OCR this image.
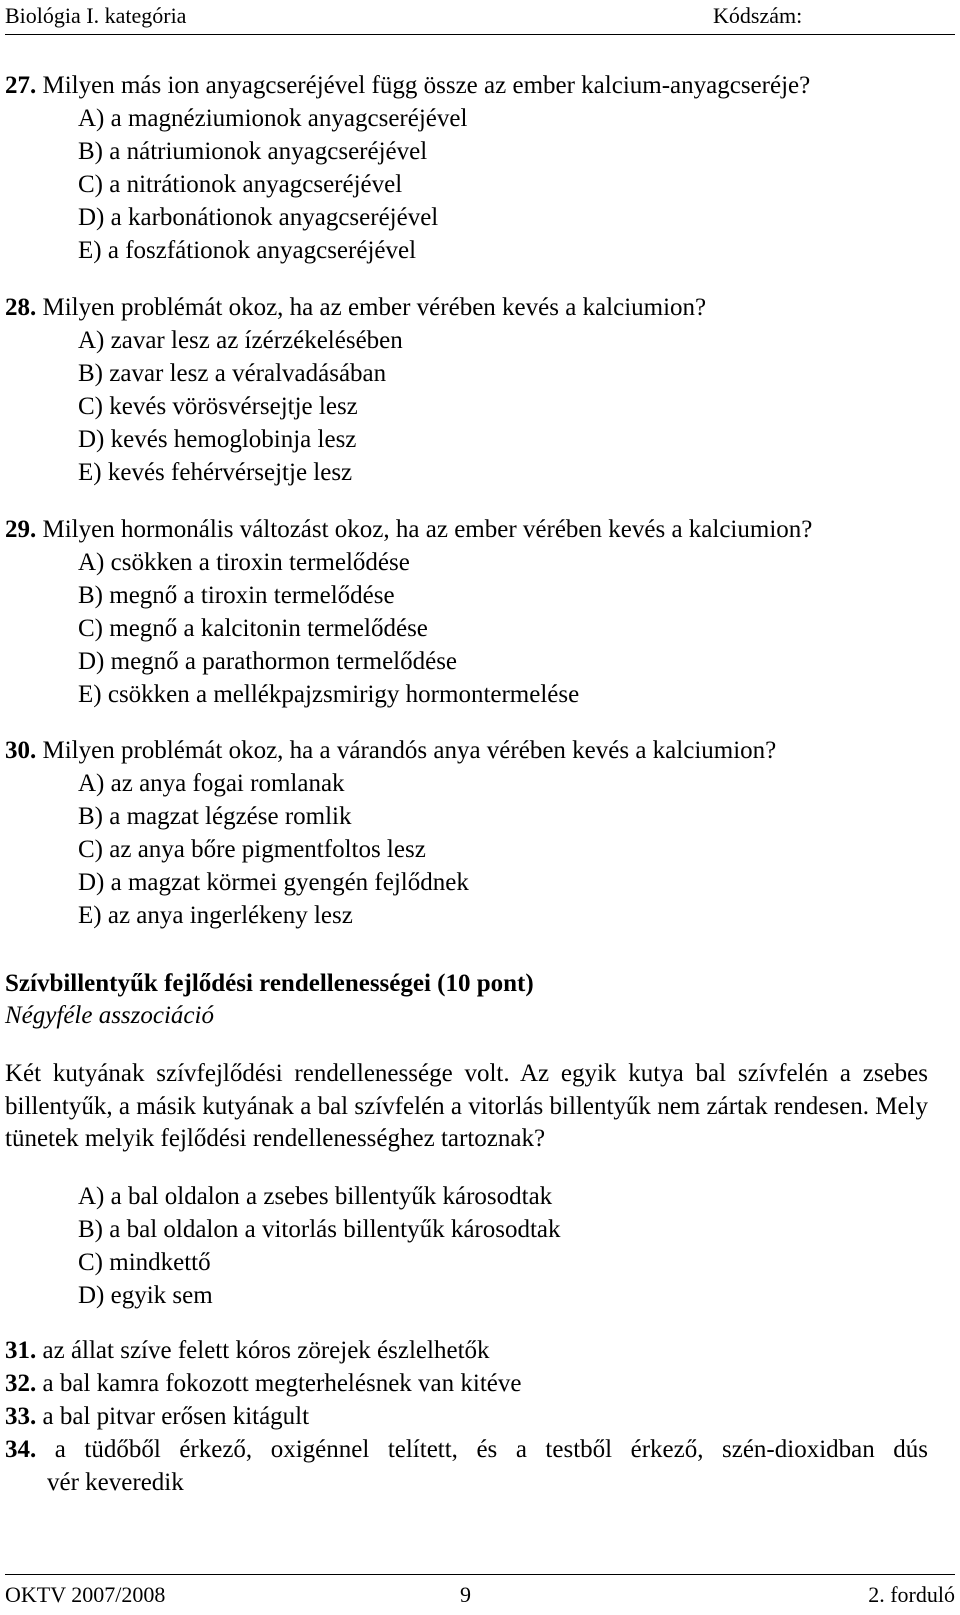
Biológia I. kategória	Kódszám:
27. Milyen más ion anyagcseréjével függ össze az ember kalcium-anyagcseréje?
A) a magnéziumionok anyagcseréjével
B) a nátriumionok anyagcseréjével
C) a nitrátionok anyagcseréjével
D) a karbonátionok anyagcseréjével
E) a foszfátionok anyagcseréjével
28. Milyen problémát okoz, ha az ember vérében kevés a kalciumion?
A) zavar lesz az ízérzékelésében
B) zavar lesz a véralvadásában
C) kevés vörösvérsejtje lesz
D) kevés hemoglobinja lesz
E) kevés fehérvérsejtje lesz
29. Milyen hormonális változást okoz, ha az ember vérében kevés a kalciumion?
A) csökken a tiroxin termelődése
B) megnő a tiroxin termelődése
C) megnő a kalcitonin termelődése
D) megnő a parathormon termelődése
E) csökken a mellékpajzsmirigy hormontermelése
30. Milyen problémát okoz, ha a várandós anya vérében kevés a kalciumion?
A) az anya fogai romlanak
B) a magzat légzése romlik
C) az anya bőre pigmentfoltos lesz
D) a magzat körmei gyengén fejlődnek
E) az anya ingerlékeny lesz
Szívbillentyűk fejlődési rendellenességei (10 pont)
Négyféle asszociáció
Két kutyának szívfejlődési rendellenessége volt. Az egyik kutya bal szívfelén a zsebes billentyűk, a másik kutyának a bal szívfelén a vitorlás billentyűk nem zártak rendesen. Mely tünetek melyik fejlődési rendellenességhez tartoznak?
A) a bal oldalon a zsebes billentyűk károsodtak
B) a bal oldalon a vitorlás billentyűk károsodtak
C) mindkettő
D) egyik sem
31. az állat szíve felett kóros zörejek észlelhetők
32. a bal kamra fokozott megterhelésnek van kitéve
33. a bal pitvar erősen kitágult
34. a tüdőből érkező, oxigénnel telített, és a testből érkező, szén-dioxidban dús
vér keveredik
OKTV 2007/2008	9	2. forduló
